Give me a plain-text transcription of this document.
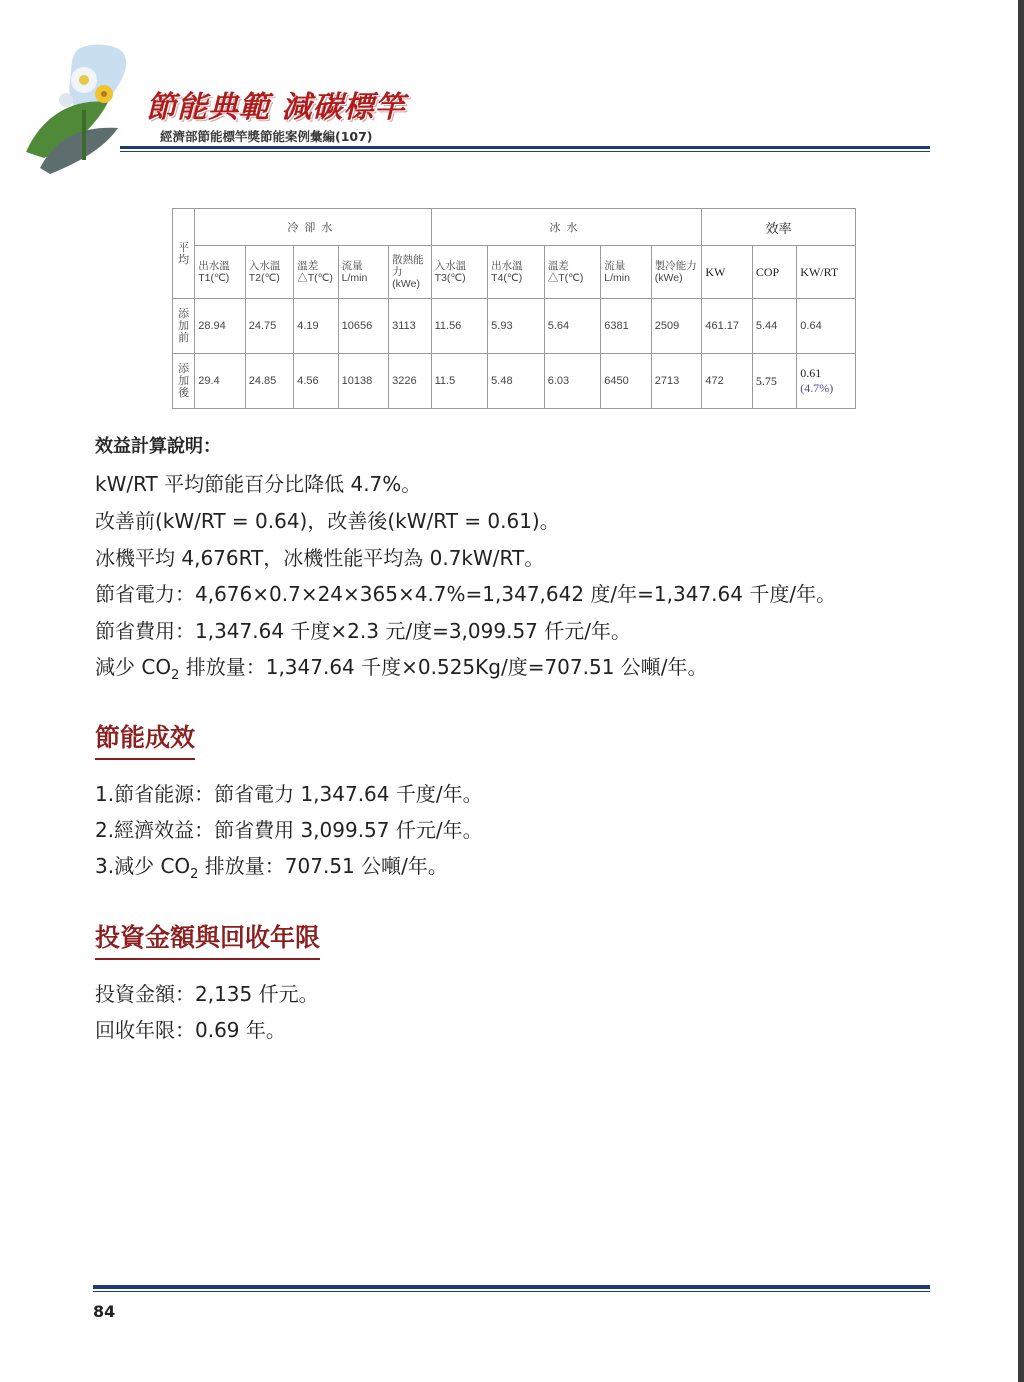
節能典範 減碳標竿
經濟部節能標竿獎節能案例彙編(107)
平均	冷卻水					冰水					效率		
	出水溫T1(℃)	入水溫T2(℃)	溫差△T(℃)	流量L/min	散熱能力(kWe)	入水溫T3(℃)	出水溫T4(℃)	溫差△T(℃)	流量L/min	製冷能力(kWe)	KW	COP	KW/RT
添加前	28.94	24.75	4.19	10656	3113	11.56	5.93	5.64	6381	2509	461.17	5.44	0.64
添加後	29.4	24.85	4.56	10138	3226	11.5	5.48	6.03	6450	2713	472	5.75	0.61
(4.7%)
效益計算說明：
kW/RT 平均節能百分比降低 4.7%。
改善前(kW/RT = 0.64)，改善後(kW/RT = 0.61)。
冰機平均 4,676RT，冰機性能平均為 0.7kW/RT。
節省電力：4,676×0.7×24×365×4.7%=1,347,642 度/年=1,347.64 千度/年。
節省費用：1,347.64 千度×2.3 元/度=3,099.57 仟元/年。
減少 $CO_2$ 排放量：1,347.64 千度×0.525Kg/度=707.51 公噸/年。
節能成效
1.節省能源：節省電力 1,347.64 千度/年。
2.經濟效益：節省費用 3,099.57 仟元/年。
3.減少 $CO_2$ 排放量：707.51 公噸/年。
投資金額與回收年限
投資金額：2,135 仟元。
回收年限：0.69 年。
84
